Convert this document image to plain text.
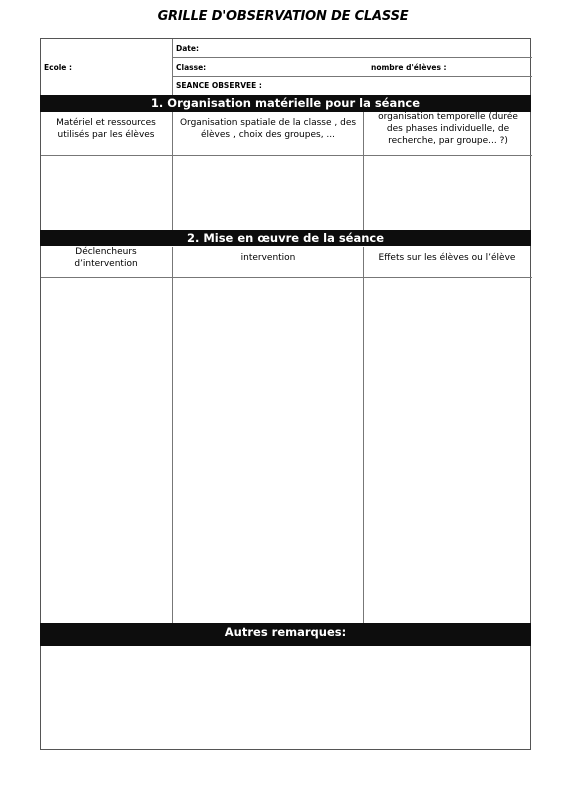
GRILLE D'OBSERVATION DE CLASSE
Ecole :
Date:
Classe:	nombre d'élèves :
SEANCE OBSERVEE :
1. Organisation matérielle pour la séance
Matériel et ressources utilisés par les élèves
Organisation spatiale de la classe , des élèves , choix des groupes, ...
organisation temporelle (durée des phases individuelle, de recherche, par groupe... ?)
2. Mise en œuvre de la séance
Déclencheurs d’intervention
intervention	Effets sur les élèves ou l’élève
Autres remarques:
